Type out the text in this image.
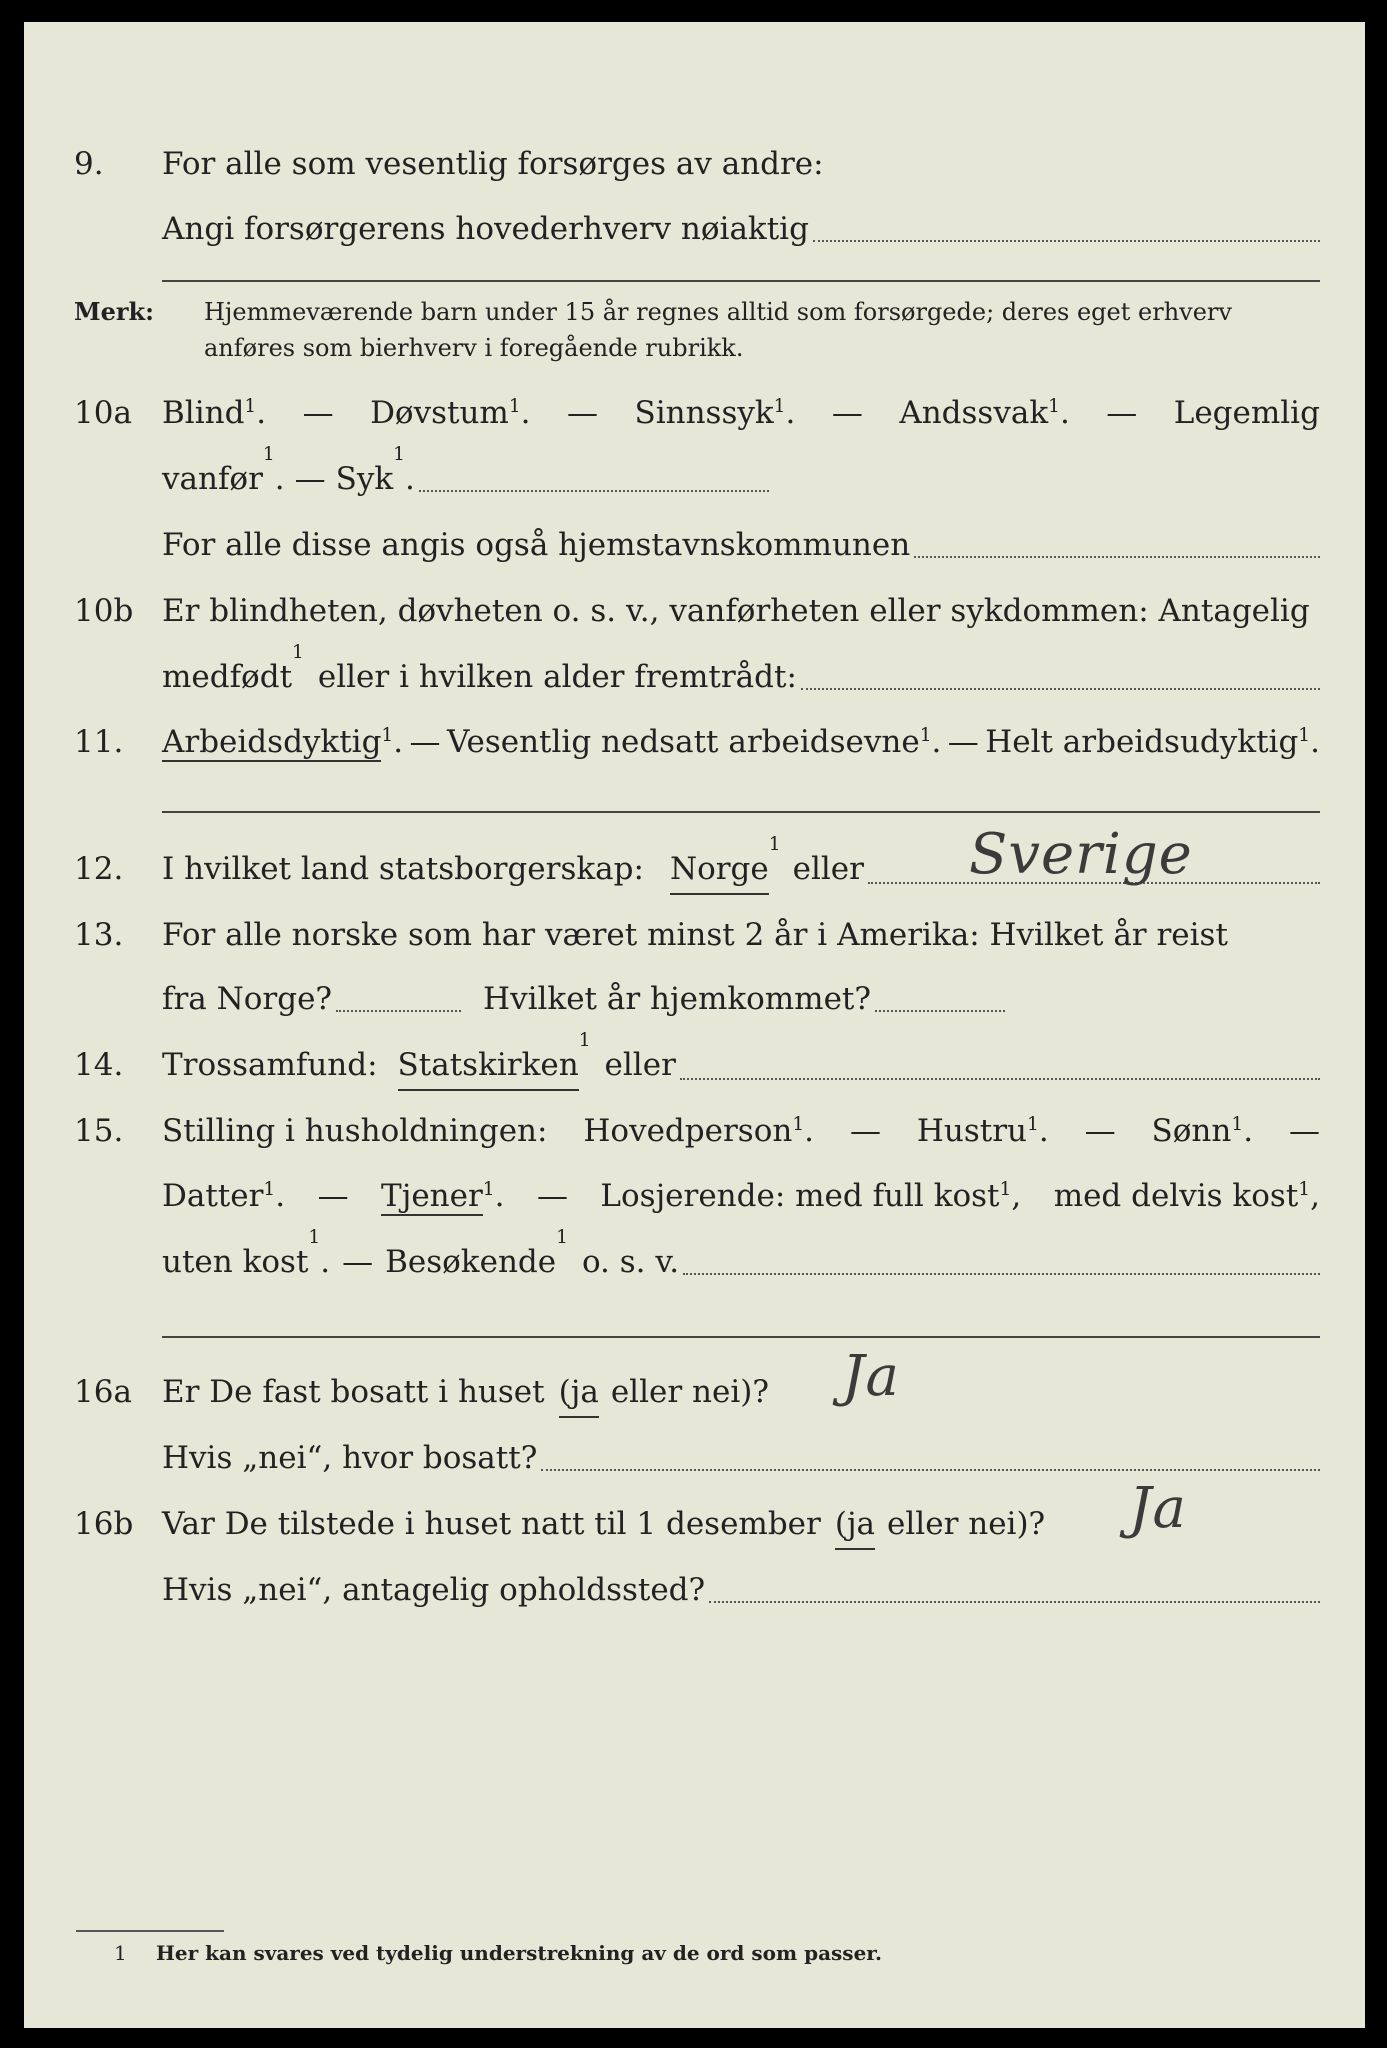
9. For alle som vesentlig forsørges av andre:
Angi forsørgerens hovederhverv nøiaktig
Merk: Hjemmeværende barn under 15 år regnes alltid som forsørgede; deres eget erhverv anføres som bierhverv i foregående rubrikk.
10a Blind$^1$. — Døvstum$^1$. — Sinnssyk$^1$. — Andssvak$^1$. — Legemlig
vanfør
1
. — Syk
1
.
For alle disse angis også hjemstavnskommunen
10b Er blindheten, døvheten o. s. v., vanførheten eller sykdommen: Antagelig
medfødt
1
eller i hvilken alder fremtrådt:
11. Arbeidsdyktig$^1$. — Vesentlig nedsatt arbeidsevne$^1$. — Helt arbeidsudyktig$^1$.
12. I hvilket land statsborgerskap: Norge
1
eller Sverige
13. For alle norske som har været minst 2 år i Amerika: Hvilket år reist
fra Norge?	Hvilket år hjemkommet?
14. Trossamfund: Statskirken
1
eller
15. Stilling i husholdningen: Hovedperson$^1$. — Hustru$^1$. — Sønn$^1$. —
Datter$^1$. — Tjener$^1$. — Losjerende: med full kost$^1$, med delvis kost$^1$,
uten kost
1
. — Besøkende
1
o. s. v.
16a Er De fast bosatt i huset (ja eller nei)? Ja
Hvis „nei“, hvor bosatt?
16b Var De tilstede i huset natt til 1 desember (ja eller nei)? Ja
Hvis „nei“, antagelig opholdssted?
1 Her kan svares ved tydelig understrekning av de ord som passer.
